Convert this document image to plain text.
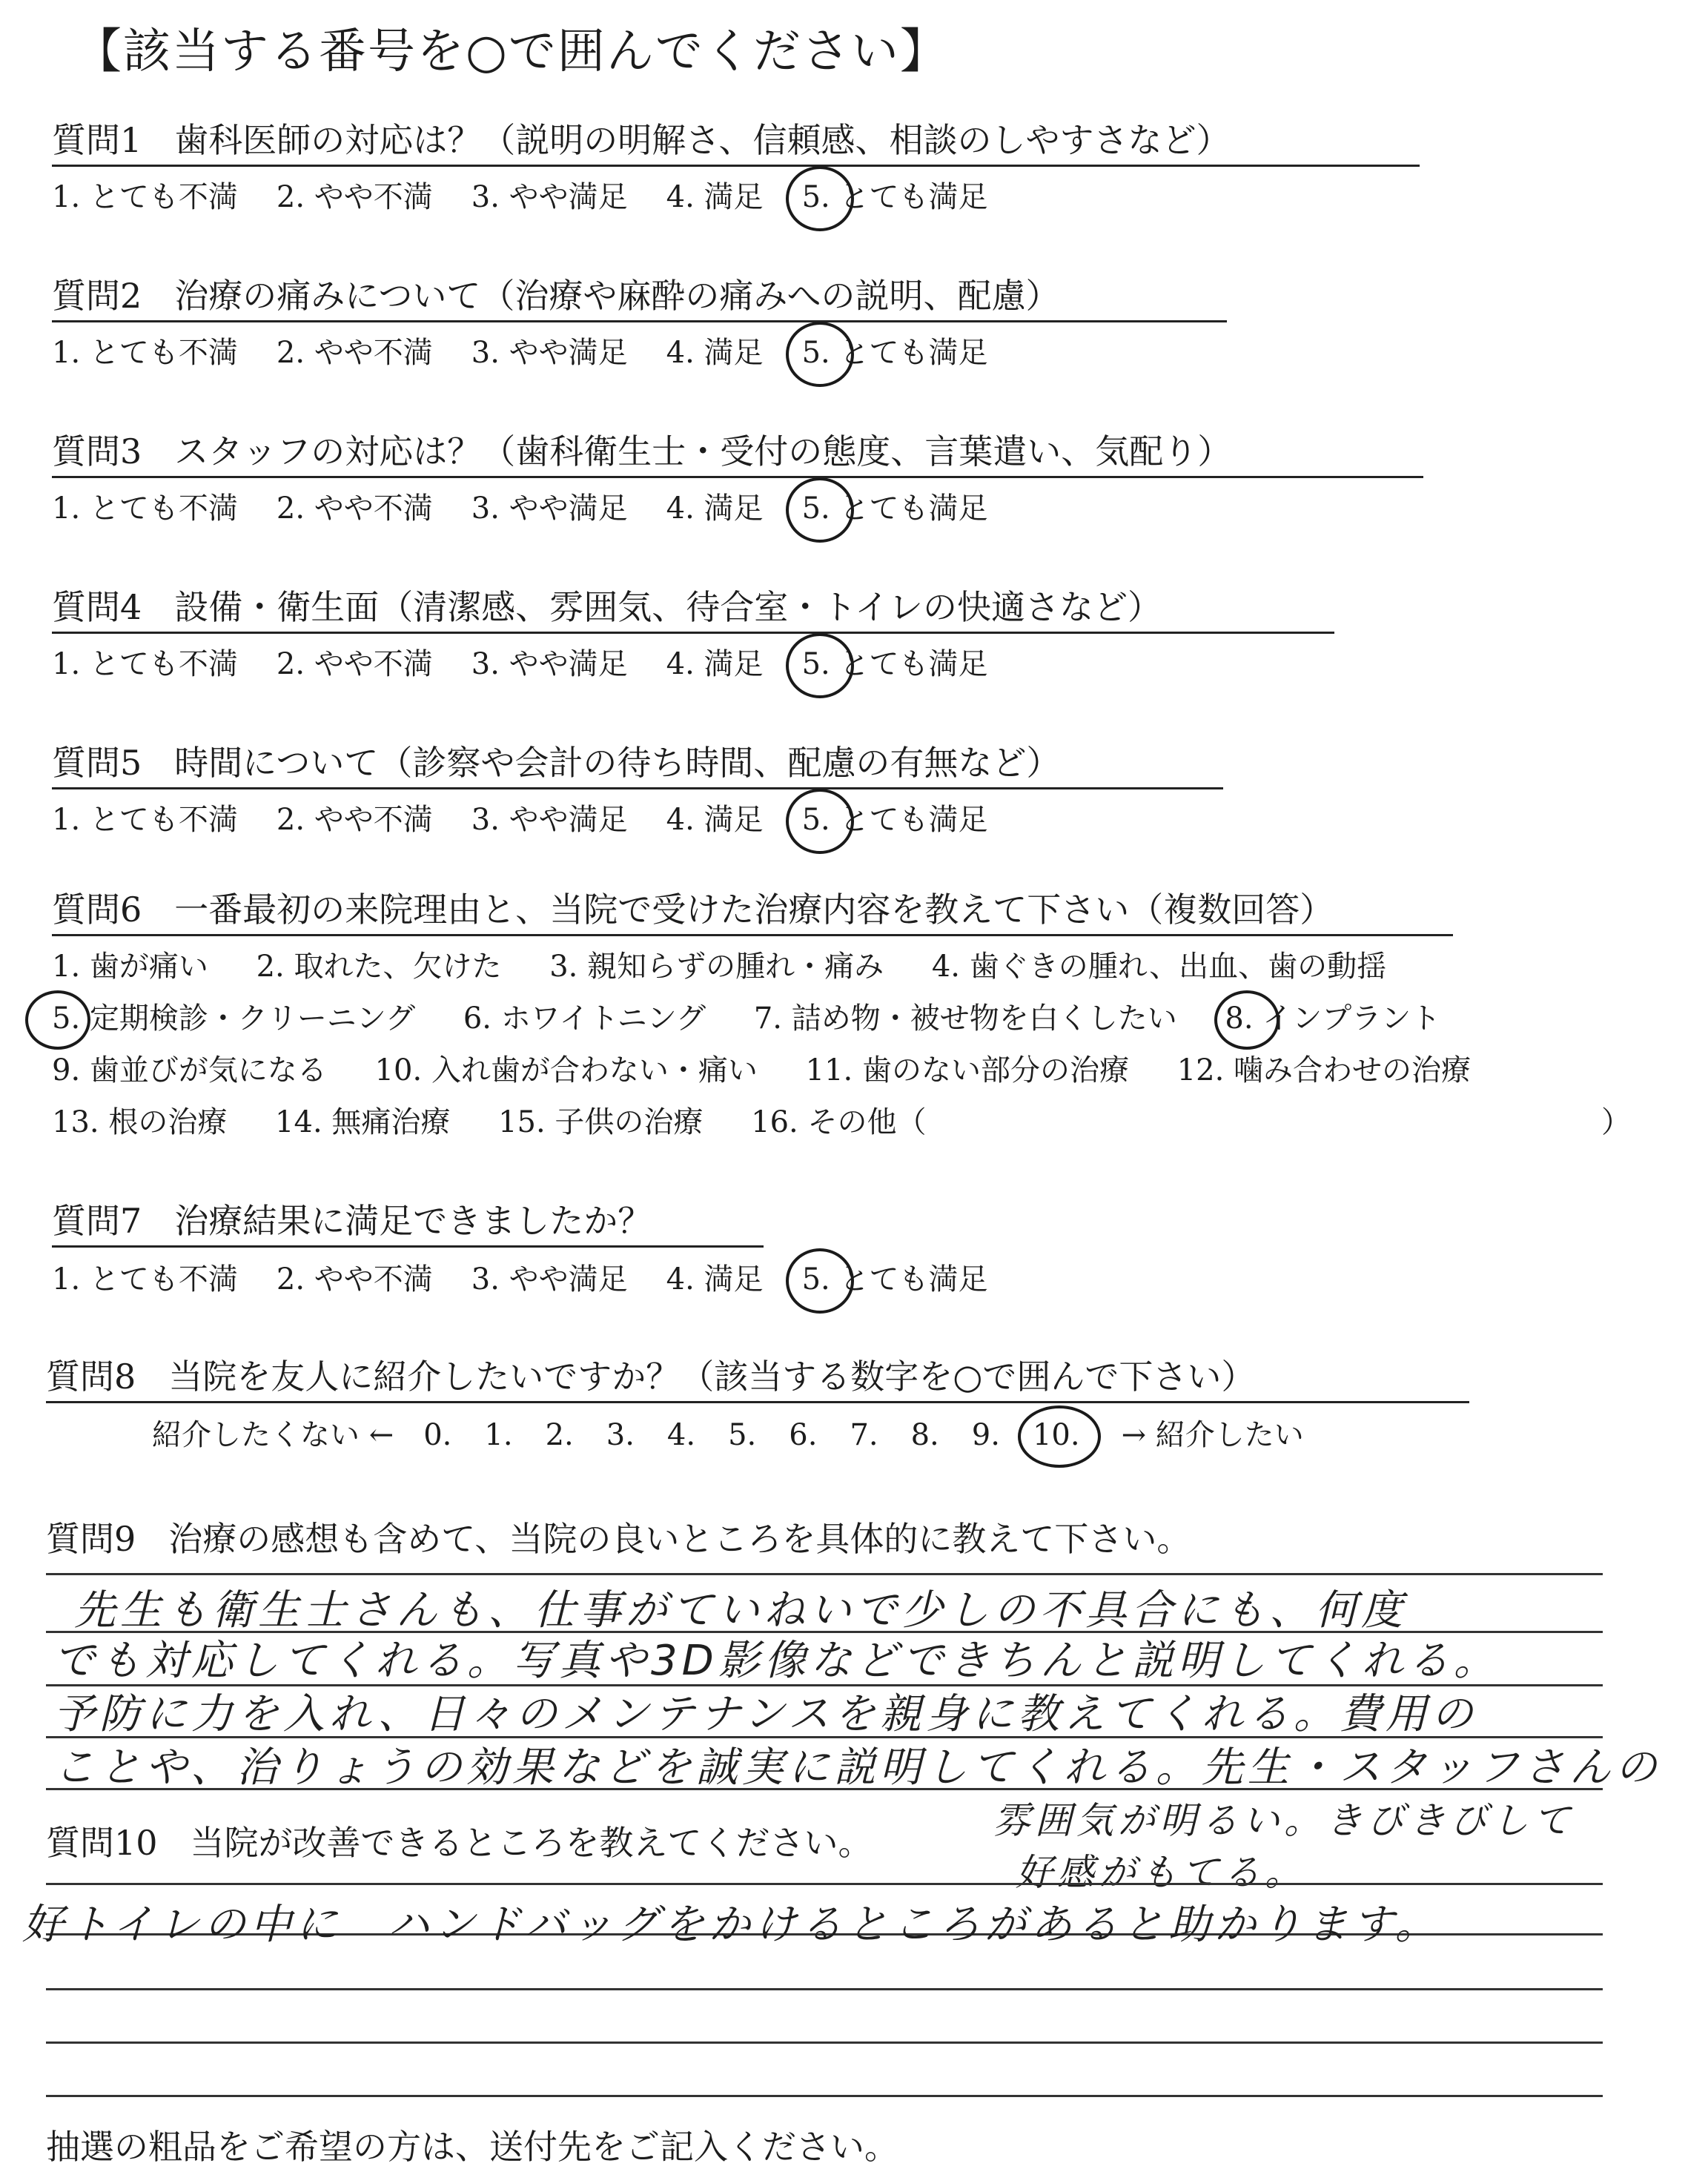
【該当する番号を○で囲んでください】
質問1 歯科医師の対応は？（説明の明解さ、信頼感、相談のしやすさなど）
1. とても不満 2. やや不満 3. やや満足 4. 満足 5. とても満足
質問2 治療の痛みについて（治療や麻酔の痛みへの説明、配慮）
1. とても不満 2. やや不満 3. やや満足 4. 満足 5. とても満足
質問3 スタッフの対応は？（歯科衛生士・受付の態度、言葉遣い、気配り）
1. とても不満 2. やや不満 3. やや満足 4. 満足 5. とても満足
質問4 設備・衛生面（清潔感、雰囲気、待合室・トイレの快適さなど）
1. とても不満 2. やや不満 3. やや満足 4. 満足 5. とても満足
質問5 時間について（診察や会計の待ち時間、配慮の有無など）
1. とても不満 2. やや不満 3. やや満足 4. 満足 5. とても満足
質問6 一番最初の来院理由と、当院で受けた治療内容を教えて下さい（複数回答）
1. 歯が痛い 2. 取れた、欠けた 3. 親知らずの腫れ・痛み 4. 歯ぐきの腫れ、出血、歯の動揺
5. 定期検診・クリーニング 6. ホワイトニング 7. 詰め物・被せ物を白くしたい 8. インプラント
9. 歯並びが気になる 10. 入れ歯が合わない・痛い 11. 歯のない部分の治療 12. 噛み合わせの治療
13. 根の治療 14. 無痛治療 15. 子供の治療 16. その他（	）
質問7 治療結果に満足できましたか？
1. とても不満 2. やや不満 3. やや満足 4. 満足 5. とても満足
質問8 当院を友人に紹介したいですか？（該当する数字を○で囲んで下さい）
紹介したくない ← 0. 1. 2. 3. 4. 5. 6. 7. 8. 9. 10. → 紹介したい
質問9 治療の感想も含めて、当院の良いところを具体的に教えて下さい。
先生も衛生士さんも、仕事がていねいで少しの不具合にも、何度
でも対応してくれる。写真や3D影像などできちんと説明してくれる。
予防に力を入れ、日々のメンテナンスを親身に教えてくれる。費用の
ことや、治りょうの効果などを誠実に説明してくれる。先生・スタッフさんの
雰囲気が明るい。きびきびして
好感がもてる。
質問10 当院が改善できるところを教えてください。
好トイレの中に　ハンドバッグをかけるところがあると助かります。
抽選の粗品をご希望の方は、送付先をご記入ください。
